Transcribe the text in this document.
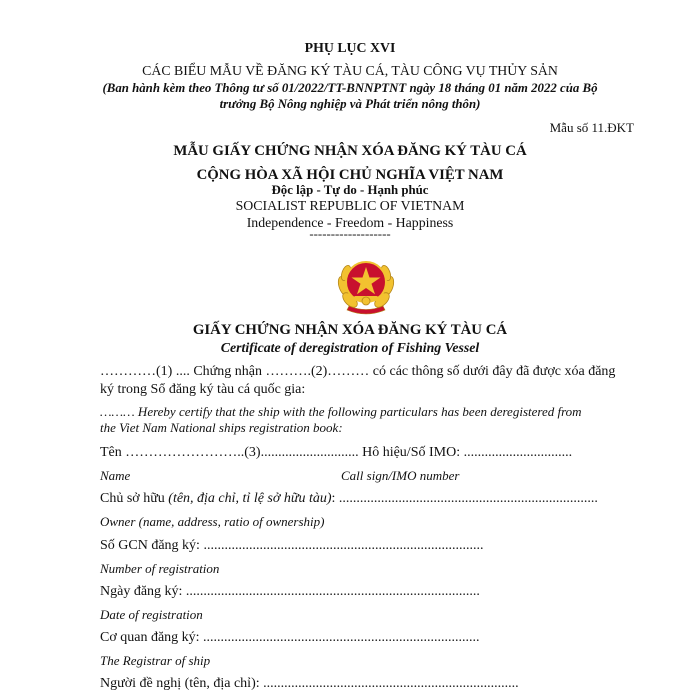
PHỤ LỤC XVI
CÁC BIỂU MẪU VỀ ĐĂNG KÝ TÀU CÁ, TÀU CÔNG VỤ THỦY SẢN
(Ban hành kèm theo Thông tư số 01/2022/TT-BNNPTNT ngày 18 tháng 01 năm 2022 của Bộ
trưởng Bộ Nông nghiệp và Phát triển nông thôn)
Mẫu số 11.ĐKT
MẪU GIẤY CHỨNG NHẬN XÓA ĐĂNG KÝ TÀU CÁ
CỘNG HÒA XÃ HỘI CHỦ NGHĨA VIỆT NAM
Độc lập - Tự do - Hạnh phúc
SOCIALIST REPUBLIC OF VIETNAM
Independence - Freedom - Happiness
-------------------
GIẤY CHỨNG NHẬN XÓA ĐĂNG KÝ TÀU CÁ
Certificate of deregistration of Fishing Vessel
…………(1) .... Chứng nhận ……….(2)……… có các thông số dưới đây đã được xóa đăng
ký trong Sổ đăng ký tàu cá quốc gia:
……… Hereby certify that the ship with the following particulars has been deregistered from
the Viet Nam National ships registration book:
Tên ……………………..(3)............................ Hô hiệu/Số IMO: ...............................
Name	Call sign/IMO number
Chủ sở hữu (tên, địa chỉ, tỉ lệ sở hữu tàu): ..........................................................................
Owner (name, address, ratio of ownership)
Số GCN đăng ký: ................................................................................
Number of registration
Ngày đăng ký: ....................................................................................
Date of registration
Cơ quan đăng ký: ...............................................................................
The Registrar of ship
Người đề nghị (tên, địa chỉ): .........................................................................
